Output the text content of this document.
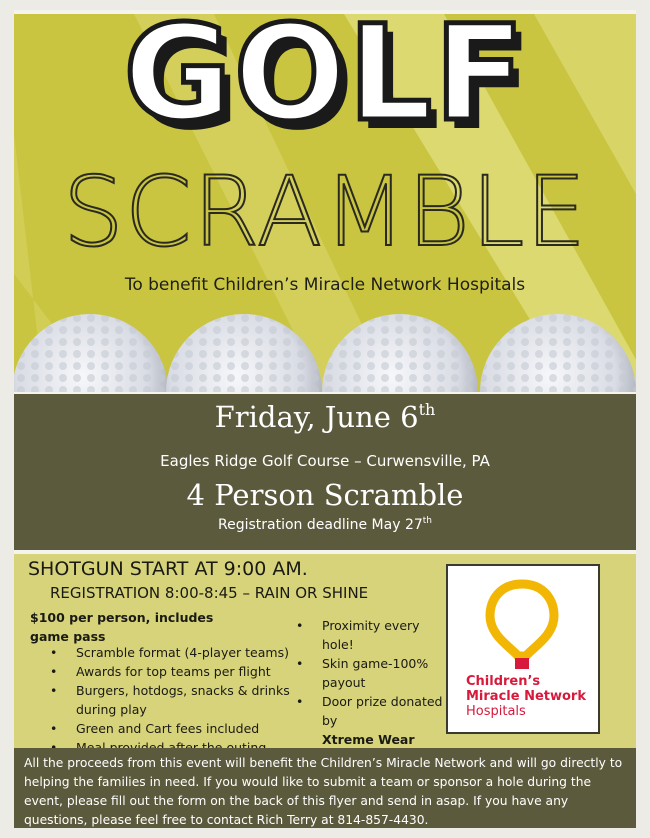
GOLF
SCRAMBLE
To benefit Children’s Miracle Network Hospitals
Friday, June 6th
Eagles Ridge Golf Course – Curwensville, PA
4 Person Scramble
Registration deadline May 27th
SHOTGUN START AT 9:00 AM.
REGISTRATION 8:00-8:45 – RAIN OR SHINE
$100 per person, includes game pass
• Scramble format (4-player teams)
• Awards for top teams per flight
• Burgers, hotdogs, snacks & drinks during play
• Green and Cart fees included
•
• Proximity every hole!
• Skin game-100% payout
• Door prize donated by
Xtreme Wear
Children’s
Miracle Network
Hospitals

All the proceeds from this event will benefit the Children’s Miracle Network and will go directly to helping the families in need. If you would like to submit a team or sponsor a hole during the event, please fill out the form on the back of this flyer and send in asap. If you have any questions, please feel free to contact Rich Terry at 814-857-4430.
